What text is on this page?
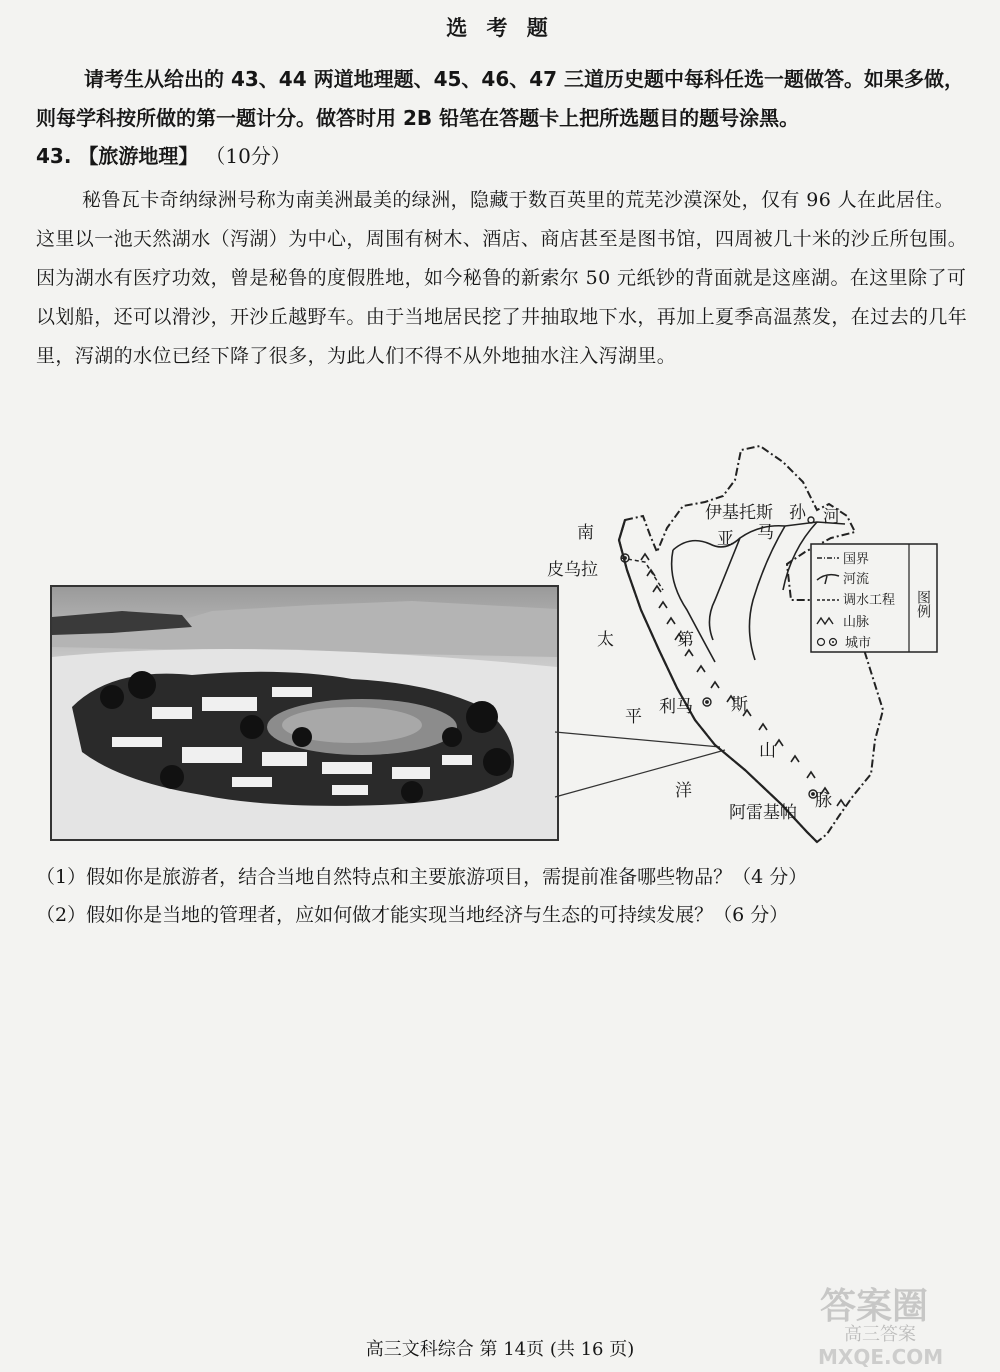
选 考 题

请考生从给出的 43、44 两道地理题、45、46、47 三道历史题中每科任选一题做答。如果多做，则每学科按所做的第一题计分。做答时用 2B 铅笔在答题卡上把所选题目的题号涂黑。

43. 【旅游地理】 （10分）

秘鲁瓦卡奇纳绿洲号称为南美洲最美的绿洲，隐藏于数百英里的荒芜沙漠深处，仅有 96 人在此居住。这里以一池天然湖水（泻湖）为中心，周围有树木、酒店、商店甚至是图书馆，四周被几十米的沙丘所包围。因为湖水有医疗功效，曾是秘鲁的度假胜地，如今秘鲁的新索尔 50 元纸钞的背面就是这座湖。在这里除了可以划船，还可以滑沙，开沙丘越野车。由于当地居民挖了井抽取地下水，再加上夏季高温蒸发，在过去的几年里，泻湖的水位已经下降了很多，为此人们不得不从外地抽水注入泻湖里。

南
皮乌拉
太
平
洋
利马
阿雷基帕
伊基托斯 孙 河
亚 马
第
斯
山
脉
国界
河流
调水工程
山脉
城市
图例

（1）假如你是旅游者，结合当地自然特点和主要旅游项目，需提前准备哪些物品？（4 分）

（2）假如你是当地的管理者，应如何做才能实现当地经济与生态的可持续发展？（6 分）

高三文科综合 第 14页 (共 16 页)
答案圈
高三答案
MXQE.COM
